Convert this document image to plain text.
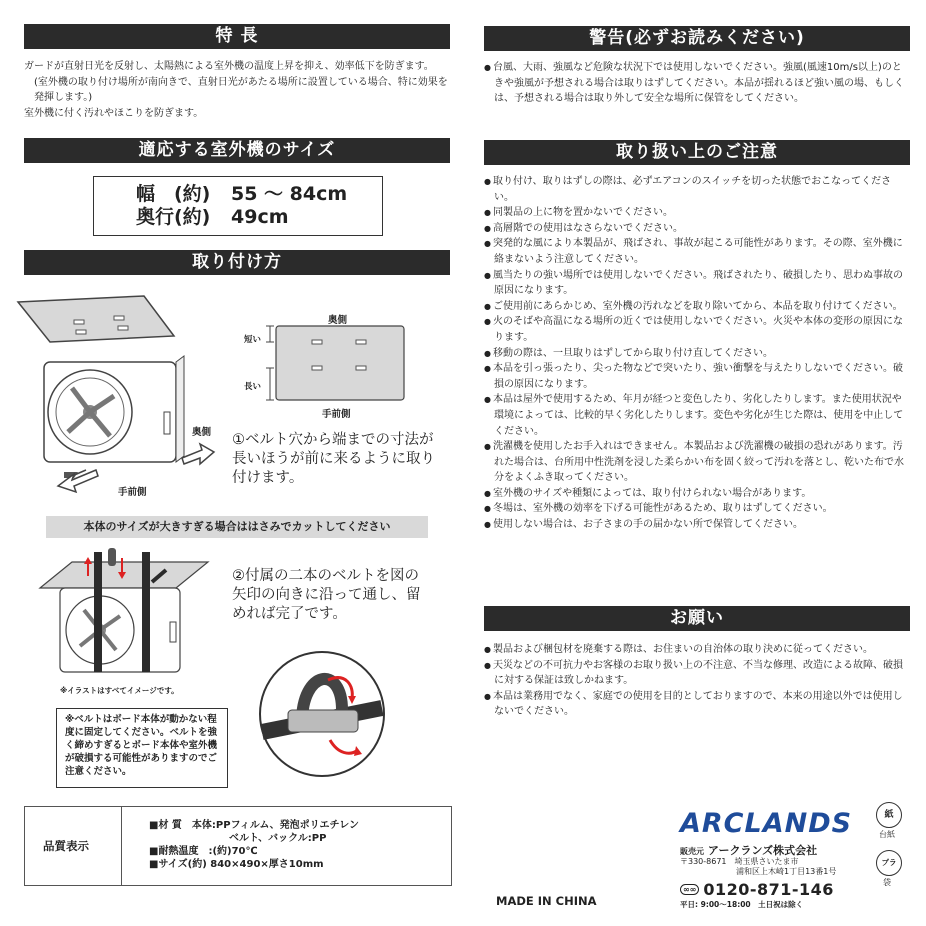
特 長

ガードが直射日光を反射し、太陽熱による室外機の温度上昇を抑え、効率低下を防ぎます。

(室外機の取り付け場所が南向きで、直射日光があたる場所に設置している場合、特に効果を発揮します。)

室外機に付く汚れやほこりを防ぎます。

適応する室外機のサイズ
幅　(約)	55 〜 84cm
奥行(約)	49cm
取り付け方
手前側
奥側
奥側
短い
長い
手前側
①ベルト穴から端までの寸法が長いほうが前に来るように取り付けます。
本体のサイズが大きすぎる場合ははさみでカットしてください
※イラストはすべてイメージです。
②付属の二本のベルトを図の矢印の向きに沿って通し、留めれば完了です。
※ベルトはボード本体が動かない程度に固定してください。ベルトを強く締めすぎるとボード本体や室外機が破損する可能性がありますのでご注意ください。
品質表示
■材 質　本体:PPフィルム、発泡ポリエチレン
ベルト、バックル:PP
■耐熱温度　:(約)70℃
■サイズ(約) 840×490×厚さ10mm
警告(必ずお読みください)
● 台風、大雨、強風など危険な状況下では使用しないでください。強風(風速10m/s以上)のときや強風が予想される場合は取りはずしてください。本品が揺れるほど強い風の場、もしくは、予想される場合は取り外して安全な場所に保管をしてください。
取り扱い上のご注意
● 取り付け、取りはずしの際は、必ずエアコンのスイッチを切った状態でおこなってください。
● 同製品の上に物を置かないでください。
● 高層階での使用はなさらないでください。
● 突発的な風により本製品が、飛ばされ、事故が起こる可能性があります。その際、室外機に絡まないよう注意してください。
● 風当たりの強い場所では使用しないでください。飛ばされたり、破損したり、思わぬ事故の原因になります。
● ご使用前にあらかじめ、室外機の汚れなどを取り除いてから、本品を取り付けてください。
● 火のそばや高温になる場所の近くでは使用しないでください。火災や本体の変形の原因になります。
● 移動の際は、一旦取りはずしてから取り付け直してください。
● 本品を引っ張ったり、尖った物などで突いたり、強い衝撃を与えたりしないでください。破損の原因になります。
● 本品は屋外で使用するため、年月が経つと変色したり、劣化したりします。また使用状況や環境によっては、比較的早く劣化したりします。変色や劣化が生じた際は、使用を中止してください。
● 洗濯機を使用したお手入れはできません。本製品および洗濯機の破損の恐れがあります。汚れた場合は、台所用中性洗剤を浸した柔らかい布を固く絞って汚れを落とし、乾いた布で水分をよくふき取ってください。
● 室外機のサイズや種類によっては、取り付けられない場合があります。
● 冬場は、室外機の効率を下げる可能性があるため、取りはずしてください。
● 使用しない場合は、お子さまの手の届かない所で保管してください。
お願い
● 製品および梱包材を廃棄する際は、お住まいの自治体の取り決めに従ってください。
● 天災などの不可抗力やお客様のお取り扱い上の不注意、不当な修理、改造による故障、破損に対する保証は致しかねます。
● 本品は業務用でなく、家庭での使用を目的としておりますので、本来の用途以外では使用しないでください。
ARCLANDS
販売元 アークランズ株式会社
〒330-8671　埼玉県さいたま市
浦和区上木崎1丁目13番1号
∞∞ 0120-871-146
平日: 9:00〜18:00　土日祝は除く
MADE IN CHINA
紙
台紙
プラ
袋
